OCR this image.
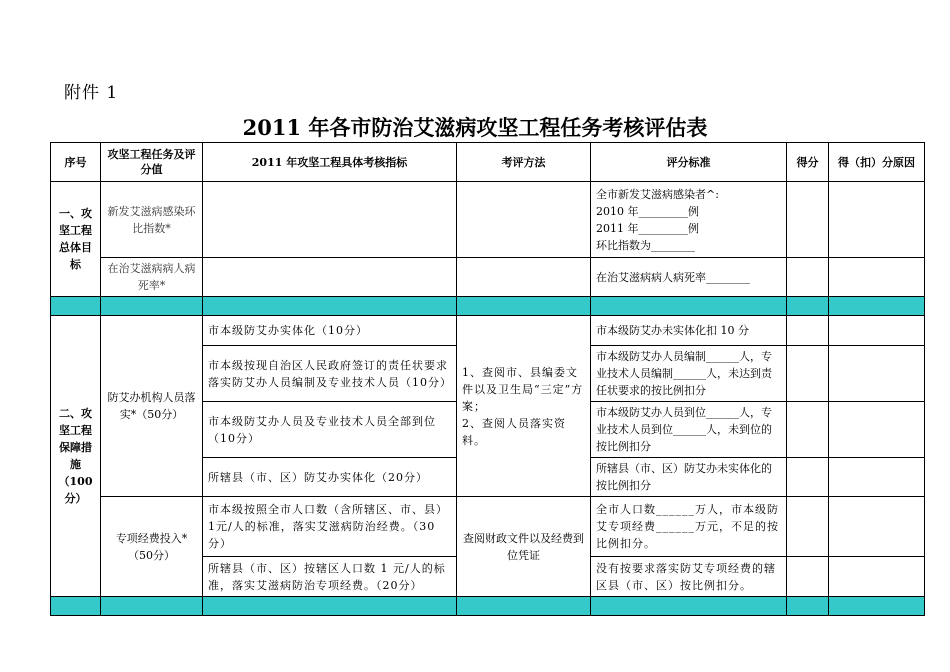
附件 1
2011 年各市防治艾滋病攻坚工程任务考核评估表
序号	攻坚工程任务及评分值	2011 年攻坚工程具体考核指标	考评方法	评分标准	得分	得（扣）分原因
一、攻坚工程总体目标	新发艾滋病感染环比指数*			全市新发艾滋病感染者^:
2010 年_________例
2011 年_________例
环比指数为________		

	在治艾滋病病人病死率*			在治艾滋病病人病死率________		

二、攻坚工程保障措施（100分）	防艾办机构人员落实*（50分）	市本级防艾办实体化（10分）	1、查阅市、县编委文件以及卫生局“三定”方案；
2、查阅人员落实资料。	市本级防艾办未实体化扣 10 分		
		市本级按现自治区人民政府签订的责任状要求落实防艾办人员编制及专业技术人员（10分）		市本级防艾办人员编制______人，专业技术人员编制______人，未达到责任状要求的按比例扣分		
		市本级防艾办人员及专业技术人员全部到位（10分）		市本级防艾办人员到位______人，专业技术人员到位______人，未到位的按比例扣分		
		所辖县（市、区）防艾办实体化（20分）		所辖县（市、区）防艾办未实体化的按比例扣分		
	专项经费投入*（50分）	市本级按照全市人口数（含所辖区、市、县）1元/人的标准，落实艾滋病防治经费。（30分）	查阅财政文件以及经费到位凭证	全市人口数______万人，市本级防艾专项经费______万元，不足的按比例扣分。		
		所辖县（市、区）按辖区人口数 1 元/人的标准，落实艾滋病防治专项经费。（20分）		没有按要求落实防艾专项经费的辖区县（市、区）按比例扣分。		
